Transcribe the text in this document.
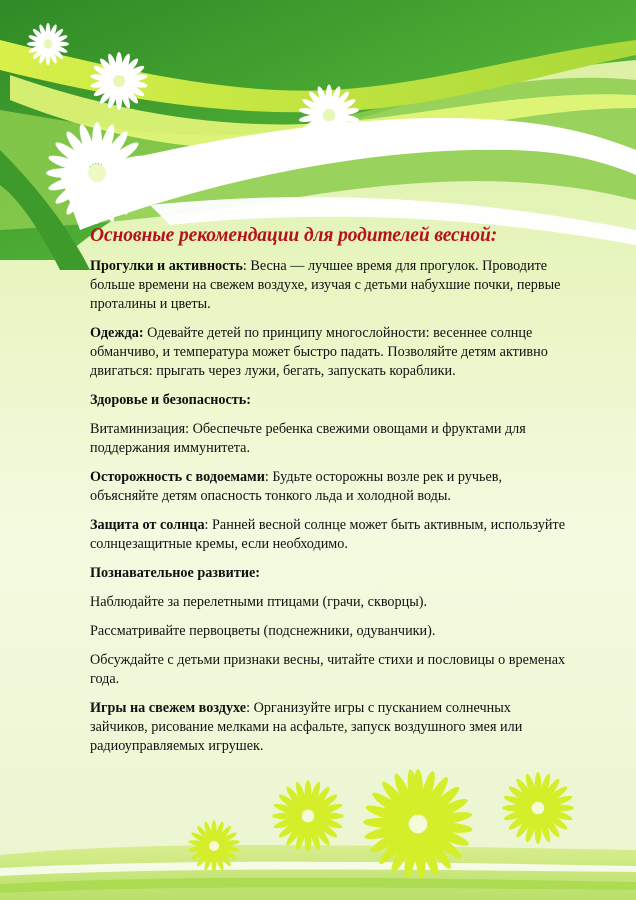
Основные рекомендации для родителей весной:

Прогулки и активность: Весна — лучшее время для прогулок. Проводите больше времени на свежем воздухе, изучая с детьми набухшие почки, первые проталины и цветы.

Одежда: Одевайте детей по принципу многослойности: весеннее солнце обманчиво, и температура может быстро падать. Позволяйте детям активно двигаться: прыгать через лужи, бегать, запускать кораблики.

Здоровье и безопасность:

Витаминизация: Обеспечьте ребенка свежими овощами и фруктами для поддержания иммунитета.

Осторожность с водоемами: Будьте осторожны возле рек и ручьев, объясняйте детям опасность тонкого льда и холодной воды.

Защита от солнца: Ранней весной солнце может быть активным, используйте солнцезащитные кремы, если необходимо.

Познавательное развитие:

Наблюдайте за перелетными птицами (грачи, скворцы).

Рассматривайте первоцветы (подснежники, одуванчики).

Обсуждайте с детьми признаки весны, читайте стихи и пословицы о временах года.

Игры на свежем воздухе: Организуйте игры с пусканием солнечных зайчиков, рисование мелками на асфальте, запуск воздушного змея или радиоуправляемых игрушек.
